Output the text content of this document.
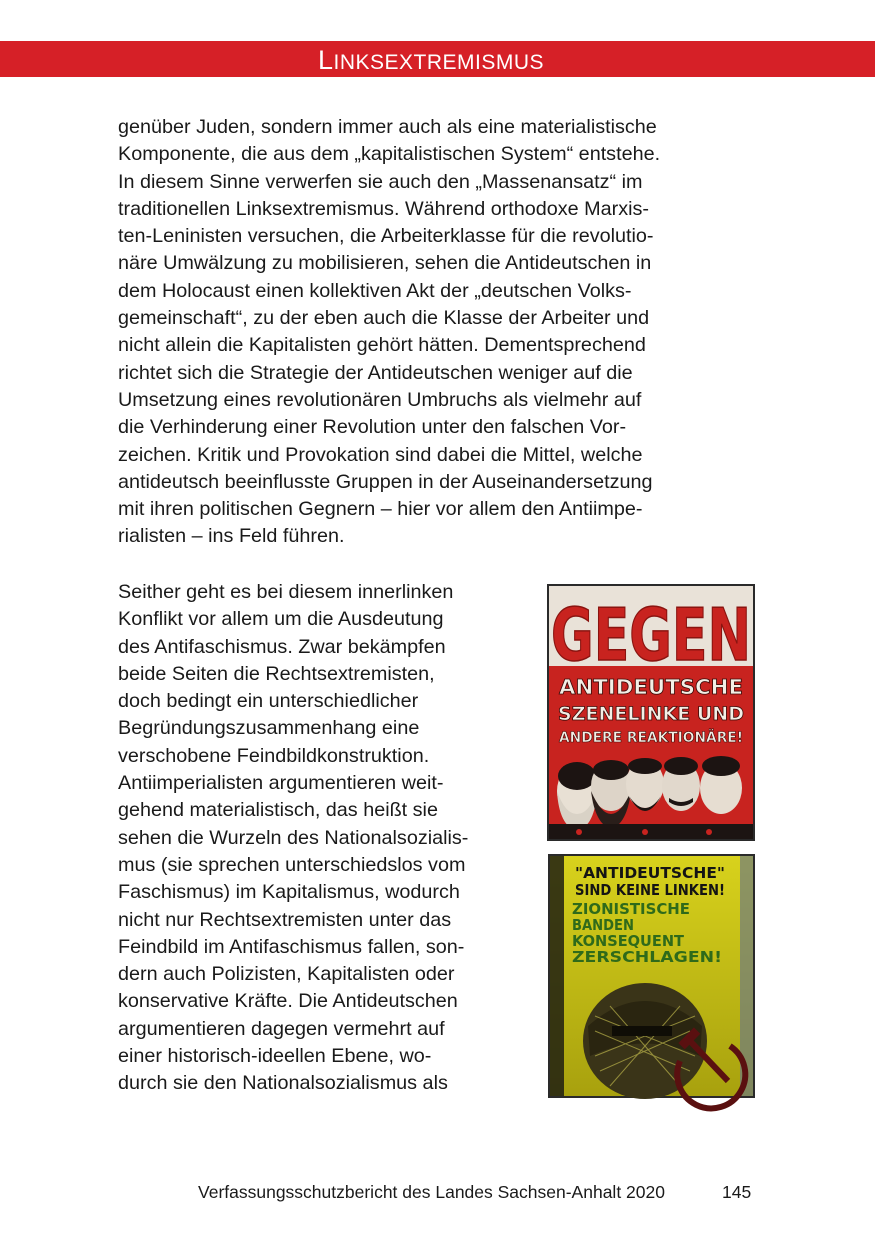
LINKSEXTREMISMUS

genüber Juden, sondern immer auch als eine materialistische
Komponente, die aus dem „kapitalistischen System“ entstehe.
In diesem Sinne verwerfen sie auch den „Massenansatz“ im
traditionellen Linksextremismus. Während orthodoxe Marxis-
ten-Leninisten versuchen, die Arbeiterklasse für die revolutio-
näre Umwälzung zu mobilisieren, sehen die Antideutschen in
dem Holocaust einen kollektiven Akt der „deutschen Volks-
gemeinschaft“, zu der eben auch die Klasse der Arbeiter und
nicht allein die Kapitalisten gehört hätten. Dementsprechend
richtet sich die Strategie der Antideutschen weniger auf die
Umsetzung eines revolutionären Umbruchs als vielmehr auf
die Verhinderung einer Revolution unter den falschen Vor-
zeichen. Kritik und Provokation sind dabei die Mittel, welche
antideutsch beeinflusste Gruppen in der Auseinandersetzung
mit ihren politischen Gegnern – hier vor allem den Antiimpe-
rialisten – ins Feld führen.

Seither geht es bei diesem innerlinken
Konflikt vor allem um die Ausdeutung
des Antifaschismus. Zwar bekämpfen
beide Seiten die Rechtsextremisten,
doch bedingt ein unterschiedlicher
Begründungszusammenhang eine
verschobene Feindbildkonstruktion.
Antiimperialisten argumentieren weit-
gehend materialistisch, das heißt sie
sehen die Wurzeln des Nationalsozialis-
mus (sie sprechen unterschiedslos vom
Faschismus) im Kapitalismus, wodurch
nicht nur Rechtsextremisten unter das
Feindbild im Antifaschismus fallen, son-
dern auch Polizisten, Kapitalisten oder
konservative Kräfte. Die Antideutschen
argumentieren dagegen vermehrt auf
einer historisch-ideellen Ebene, wo-
durch sie den Nationalsozialismus als

GEGEN
ANTIDEUTSCHE
SZENELINKE UND
ANDERE REAKTIONÄRE!
"ANTIDEUTSCHE"
SIND KEINE LINKEN!
ZIONISTISCHE
BANDEN
KONSEQUENT
ZERSCHLAGEN!
Verfassungsschutzbericht des Landes Sachsen-Anhalt 2020	145
